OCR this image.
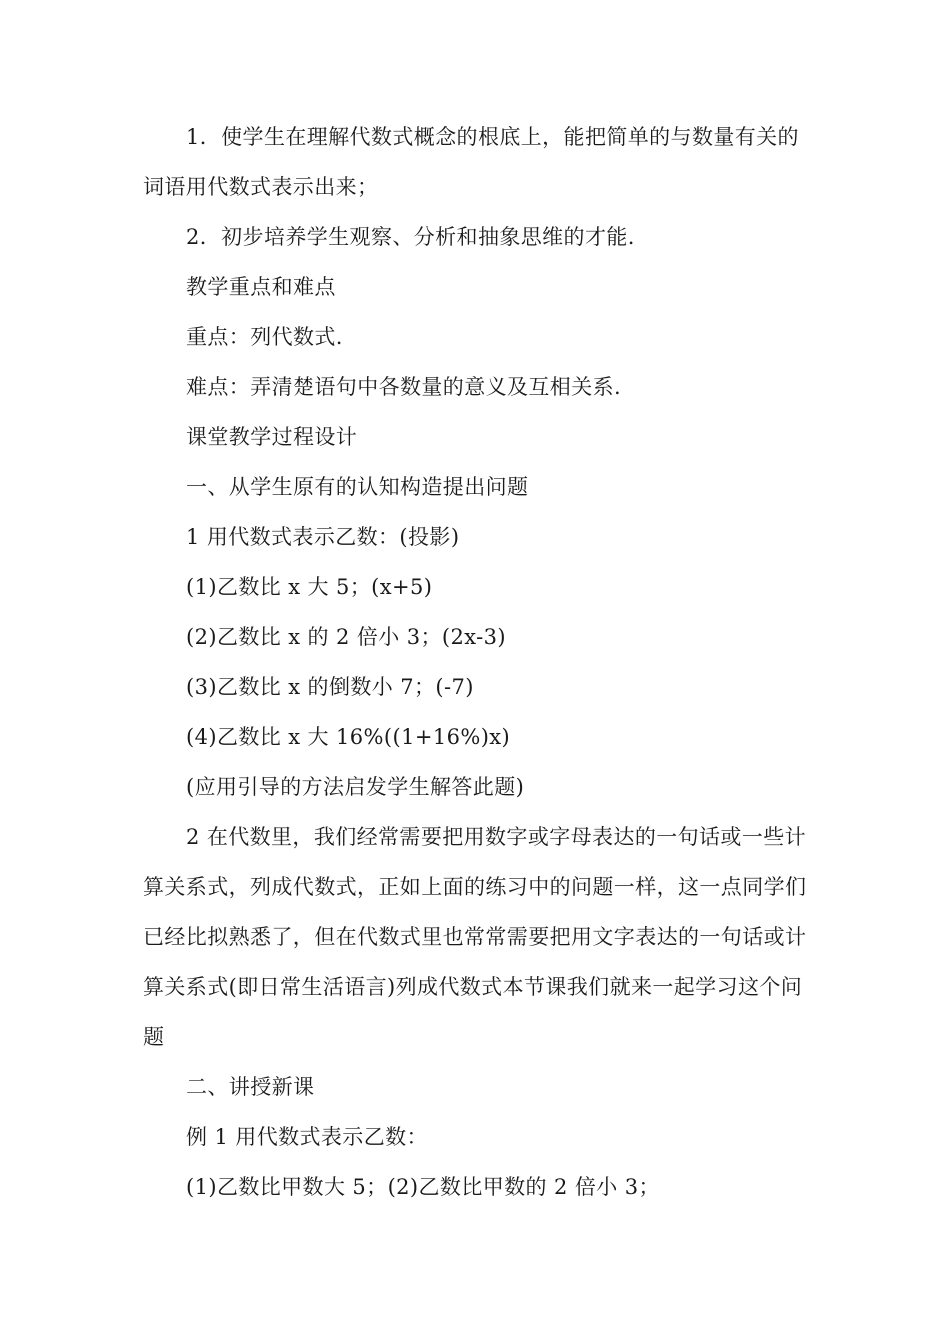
1．使学生在理解代数式概念的根底上，能把简单的与数量有关的词语用代数式表示出来；

2．初步培养学生观察、分析和抽象思维的才能.

教学重点和难点

重点：列代数式.

难点：弄清楚语句中各数量的意义及互相关系.

课堂教学过程设计

一、从学生原有的认知构造提出问题

1 用代数式表示乙数：(投影)

(1)乙数比 x 大 5；(x+5)

(2)乙数比 x 的 2 倍小 3；(2x-3)

(3)乙数比 x 的倒数小 7；(-7)

(4)乙数比 x 大 16%((1+16%)x)

(应用引导的方法启发学生解答此题)

2 在代数里，我们经常需要把用数字或字母表达的一句话或一些计算关系式，列成代数式，正如上面的练习中的问题一样，这一点同学们已经比拟熟悉了，但在代数式里也常常需要把用文字表达的一句话或计算关系式(即日常生活语言)列成代数式本节课我们就来一起学习这个问题

二、讲授新课

例 1 用代数式表示乙数：

(1)乙数比甲数大 5；(2)乙数比甲数的 2 倍小 3；
